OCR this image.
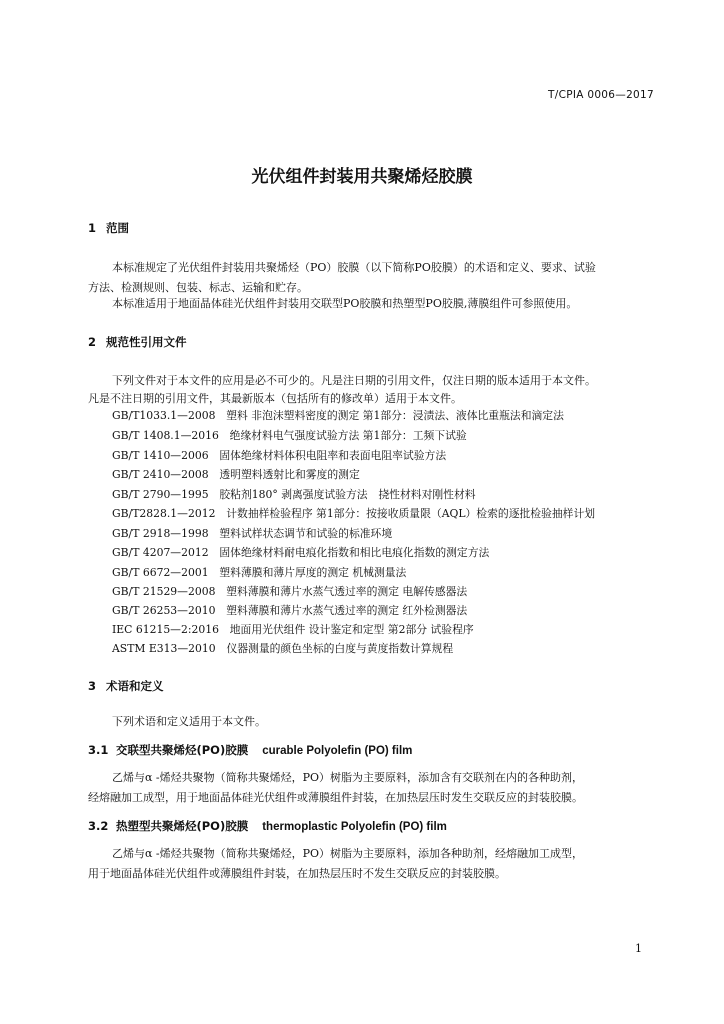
T/CPIA 0006—2017
光伏组件封装用共聚烯烃胶膜
1 范围
本标准规定了光伏组件封装用共聚烯烃（PO）胶膜（以下简称PO胶膜）的术语和定义、要求、试验
方法、检测规则、包装、标志、运输和贮存。
本标准适用于地面晶体硅光伏组件封装用交联型PO胶膜和热塑型PO胶膜,薄膜组件可参照使用。
2 规范性引用文件
下列文件对于本文件的应用是必不可少的。凡是注日期的引用文件，仅注日期的版本适用于本文件。
凡是不注日期的引用文件，其最新版本（包括所有的修改单）适用于本文件。
GB/T1033.1—2008　塑料 非泡沫塑料密度的测定 第1部分：浸渍法、液体比重瓶法和滴定法
GB/T 1408.1—2016　绝缘材料电气强度试验方法 第1部分：工频下试验
GB/T 1410—2006　固体绝缘材料体积电阻率和表面电阻率试验方法
GB/T 2410—2008　透明塑料透射比和雾度的测定
GB/T 2790—1995　胶粘剂180° 剥离强度试验方法　挠性材料对刚性材料
GB/T2828.1—2012　计数抽样检验程序 第1部分：按接收质量限（AQL）检索的逐批检验抽样计划
GB/T 2918—1998　塑料试样状态调节和试验的标准环境
GB/T 4207—2012　固体绝缘材料耐电痕化指数和相比电痕化指数的测定方法
GB/T 6672—2001　塑料薄膜和薄片厚度的测定 机械测量法
GB/T 21529—2008　塑料薄膜和薄片水蒸气透过率的测定 电解传感器法
GB/T 26253—2010　塑料薄膜和薄片水蒸气透过率的测定 红外检测器法
IEC 61215—2:2016　地面用光伏组件 设计鉴定和定型 第2部分 试验程序
ASTM E313—2010　仪器测量的颜色坐标的白度与黄度指数计算规程
3 术语和定义
下列术语和定义适用于本文件。
3.1 交联型共聚烯烃(PO)胶膜 curable Polyolefin (PO) film
乙烯与α -烯烃共聚物（简称共聚烯烃，PO）树脂为主要原料，添加含有交联剂在内的各种助剂，
经熔融加工成型，用于地面晶体硅光伏组件或薄膜组件封装，在加热层压时发生交联反应的封装胶膜。
3.2 热塑型共聚烯烃(PO)胶膜 thermoplastic Polyolefin (PO) film
乙烯与α -烯烃共聚物（简称共聚烯烃，PO）树脂为主要原料，添加各种助剂，经熔融加工成型，
用于地面晶体硅光伏组件或薄膜组件封装，在加热层压时不发生交联反应的封装胶膜。
1
